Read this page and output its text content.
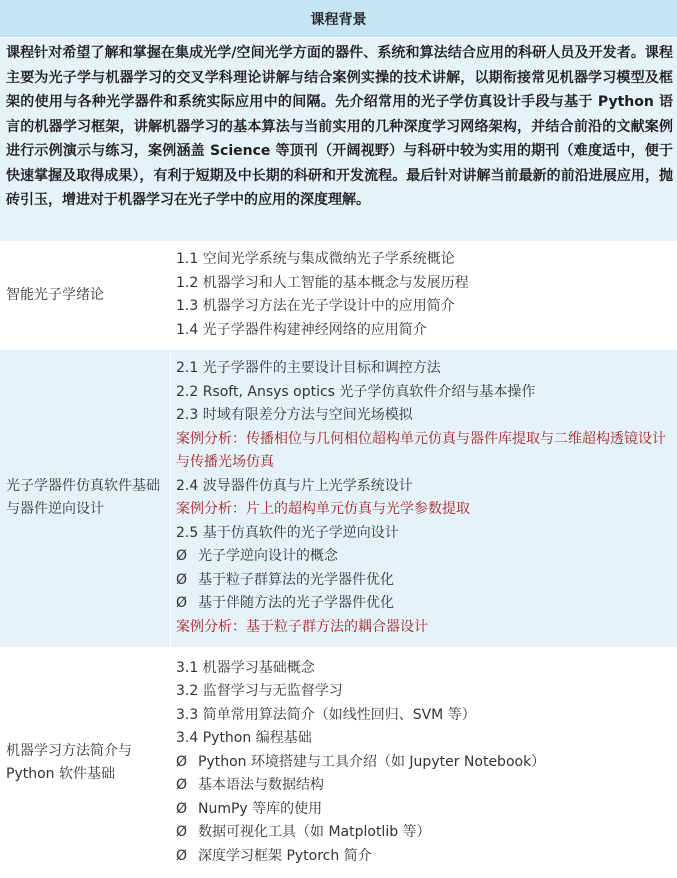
课程背景
课程针对希望了解和掌握在集成光学/空间光学方面的器件、系统和算法结合应用的科研人员及开发者。课程主要为光子学与机器学习的交叉学科理论讲解与结合案例实操的技术讲解，以期衔接常见机器学习模型及框架的使用与各种光学器件和系统实际应用中的间隔。先介绍常用的光子学仿真设计手段与基于 Python 语言的机器学习框架，讲解机器学习的基本算法与当前实用的几种深度学习网络架构，并结合前沿的文献案例进行示例演示与练习，案例涵盖 Science 等顶刊（开阔视野）与科研中较为实用的期刊（难度适中，便于快速掌握及取得成果），有利于短期及中长期的科研和开发流程。最后针对讲解当前最新的前沿进展应用，抛砖引玉，增进对于机器学习在光子学中的应用的深度理解。
智能光子学绪论
1.1 空间光学系统与集成微纳光子学系统概论
1.2 机器学习和人工智能的基本概念与发展历程
1.3 机器学习方法在光子学设计中的应用简介
1.4 光子学器件构建神经网络的应用简介
光子学器件仿真软件基础与器件逆向设计
2.1 光子学器件的主要设计目标和调控方法
2.2 Rsoft, Ansys optics 光子学仿真软件介绍与基本操作
2.3 时域有限差分方法与空间光场模拟
案例分析：传播相位与几何相位超构单元仿真与器件库提取与二维超构透镜设计与传播光场仿真
2.4 波导器件仿真与片上光学系统设计
案例分析：片上的超构单元仿真与光学参数提取
2.5 基于仿真软件的光子学逆向设计
Ø 光子学逆向设计的概念
Ø 基于粒子群算法的光学器件优化
Ø 基于伴随方法的光子学器件优化
案例分析：基于粒子群方法的耦合器设计
机器学习方法简介与 Python 软件基础
3.1 机器学习基础概念
3.2 监督学习与无监督学习
3.3 简单常用算法简介（如线性回归、SVM 等）
3.4 Python 编程基础
Ø Python 环境搭建与工具介绍（如 Jupyter Notebook）
Ø 基本语法与数据结构
Ø NumPy 等库的使用
Ø 数据可视化工具（如 Matplotlib 等）
Ø 深度学习框架 Pytorch 简介
